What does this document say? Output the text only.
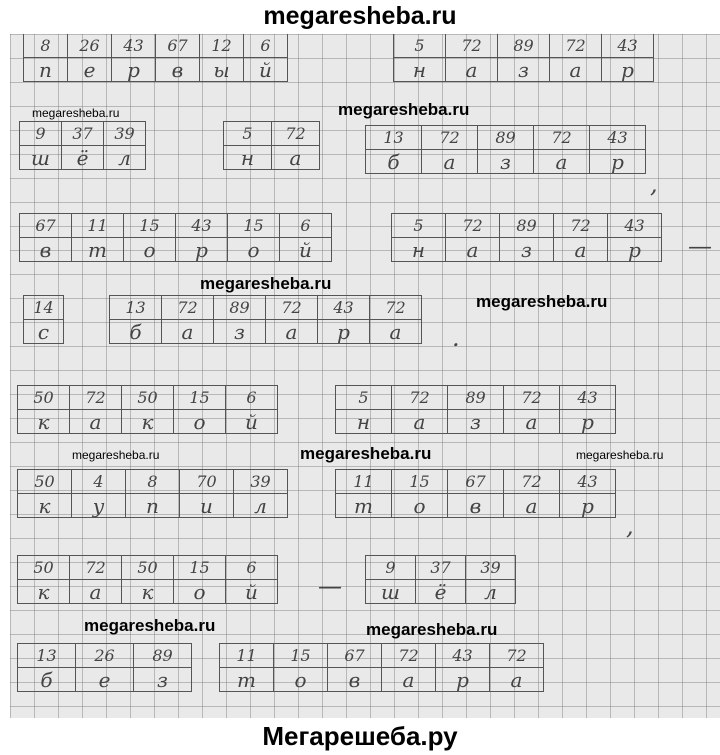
megaresheba.ru
8	26	43	67	12	6
п	е	р	в	ы	й
5	72	89	72	43
н	а	з	а	р
9	37	39
ш	ё	л
5	72
н	а
13	72	89	72	43
б	а	з	а	р
,
67	11	15	43	15	6
в	т	о	р	о	й
5	72	89	72	43
н	а	з	а	р	—
14
с
13	72	89	72	43	72
б	а	з	а	р	а	.
50	72	50	15	6
к	а	к	о	й
5	72	89	72	43
н	а	з	а	р
50	4	8	70	39
к	у	п	и	л
11	15	67	72	43
т	о	в	а	р
,
50	72	50	15	6
к	а	к	о	й	—
9	37	39
ш	ё	л
13	26	89
б	е	з
11	15	67	72	43	72
т	о	в	а	р	а
megaresheba.ru	megaresheba.ru
megaresheba.ru
megaresheba.ru
megaresheba.ru	megaresheba.ru	megaresheba.ru
megaresheba.ru	megaresheba.ru
Мегарешеба.ру
